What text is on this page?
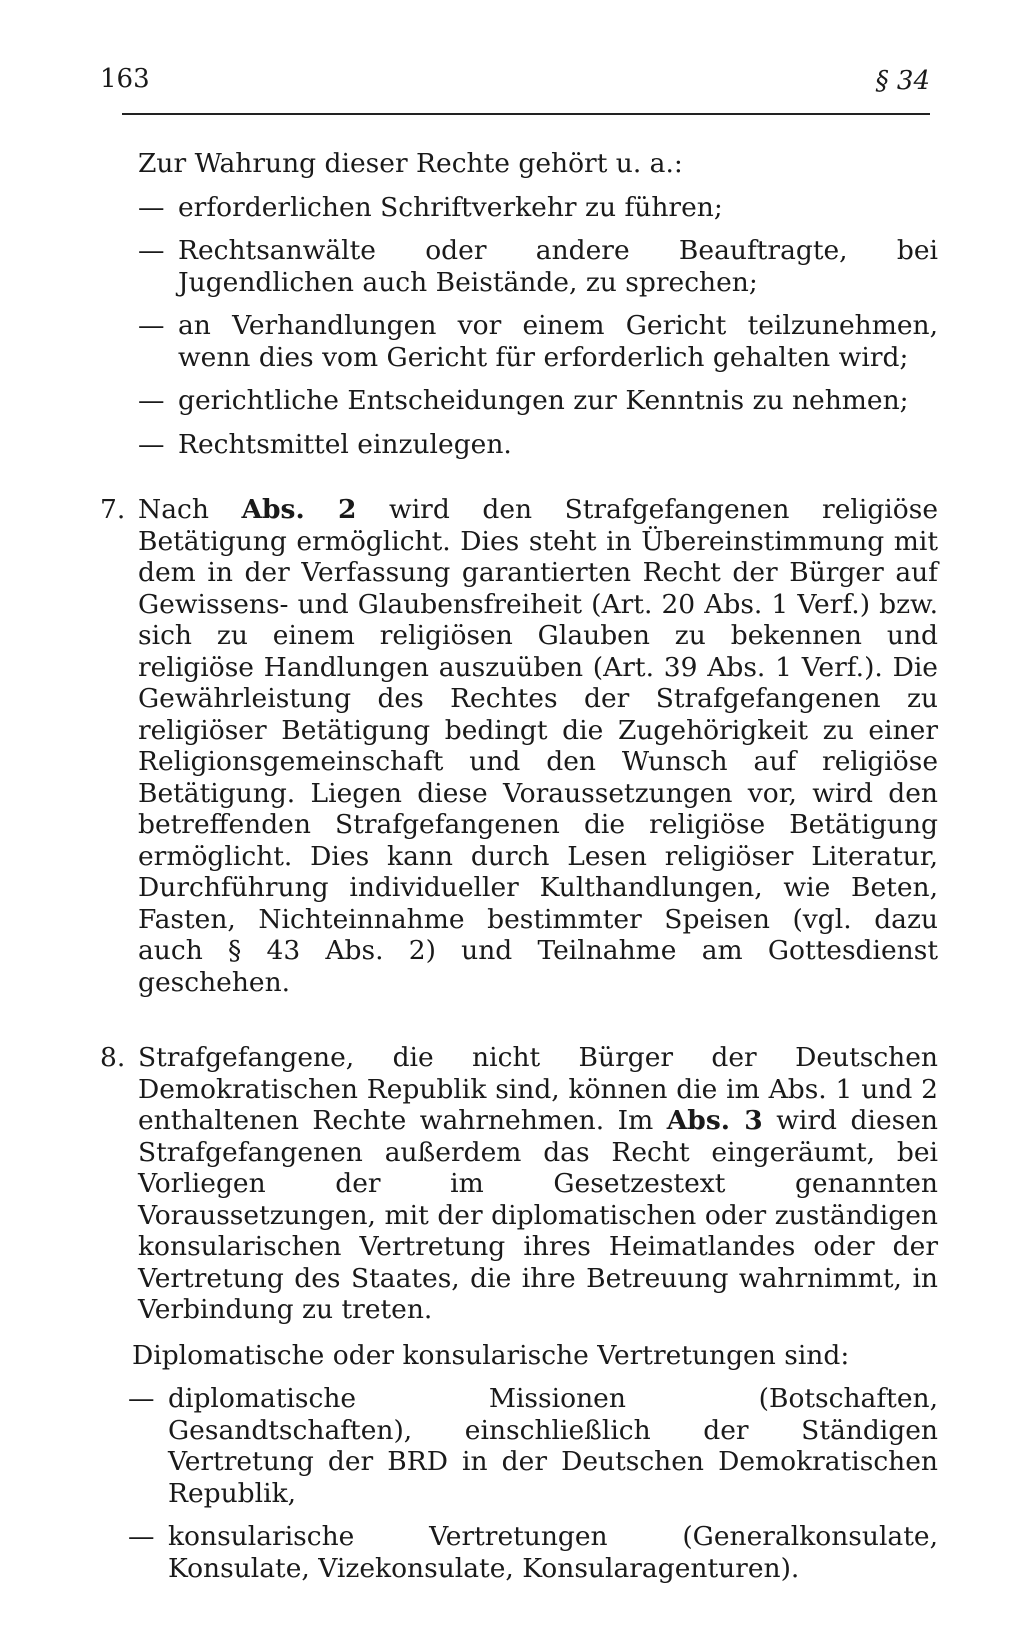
163	§ 34

Zur Wahrung dieser Rechte gehört u. a.:

— erforderlichen Schriftverkehr zu führen;
— Rechtsanwälte oder andere Beauftragte, bei Jugendlichen auch Beistände, zu sprechen;
— an Verhandlungen vor einem Gericht teilzunehmen, wenn dies vom Gericht für erforderlich gehalten wird;
— gerichtliche Entscheidungen zur Kenntnis zu nehmen;
— Rechtsmittel einzulegen.

7. Nach Abs. 2 wird den Strafgefangenen religiöse Betätigung ermöglicht. Dies steht in Übereinstimmung mit dem in der Verfassung garantierten Recht der Bürger auf Gewissens- und Glaubensfreiheit (Art. 20 Abs. 1 Verf.) bzw. sich zu einem religiösen Glauben zu bekennen und religiöse Handlungen auszuüben (Art. 39 Abs. 1 Verf.). Die Gewährleistung des Rechtes der Strafgefangenen zu religiöser Betätigung bedingt die Zugehörigkeit zu einer Religionsgemeinschaft und den Wunsch auf religiöse Betätigung. Liegen diese Voraussetzungen vor, wird den betreffenden Strafgefangenen die religiöse Betätigung ermöglicht. Dies kann durch Lesen religiöser Literatur, Durchführung individueller Kulthandlungen, wie Beten, Fasten, Nichteinnahme bestimmter Speisen (vgl. dazu auch § 43 Abs. 2) und Teilnahme am Gottesdienst geschehen.

8. Strafgefangene, die nicht Bürger der Deutschen Demokratischen Republik sind, können die im Abs. 1 und 2 enthaltenen Rechte wahrnehmen. Im Abs. 3 wird diesen Strafgefangenen außerdem das Recht eingeräumt, bei Vorliegen der im Gesetzestext genannten Voraussetzungen, mit der diplomatischen oder zuständigen konsularischen Vertretung ihres Heimatlandes oder der Vertretung des Staates, die ihre Betreuung wahrnimmt, in Verbindung zu treten.

Diplomatische oder konsularische Vertretungen sind:

— diplomatische Missionen (Botschaften, Gesandtschaften), einschließlich der Ständigen Vertretung der BRD in der Deutschen Demokratischen Republik,
— konsularische Vertretungen (Generalkonsulate, Konsulate, Vizekonsulate, Konsularagenturen).
